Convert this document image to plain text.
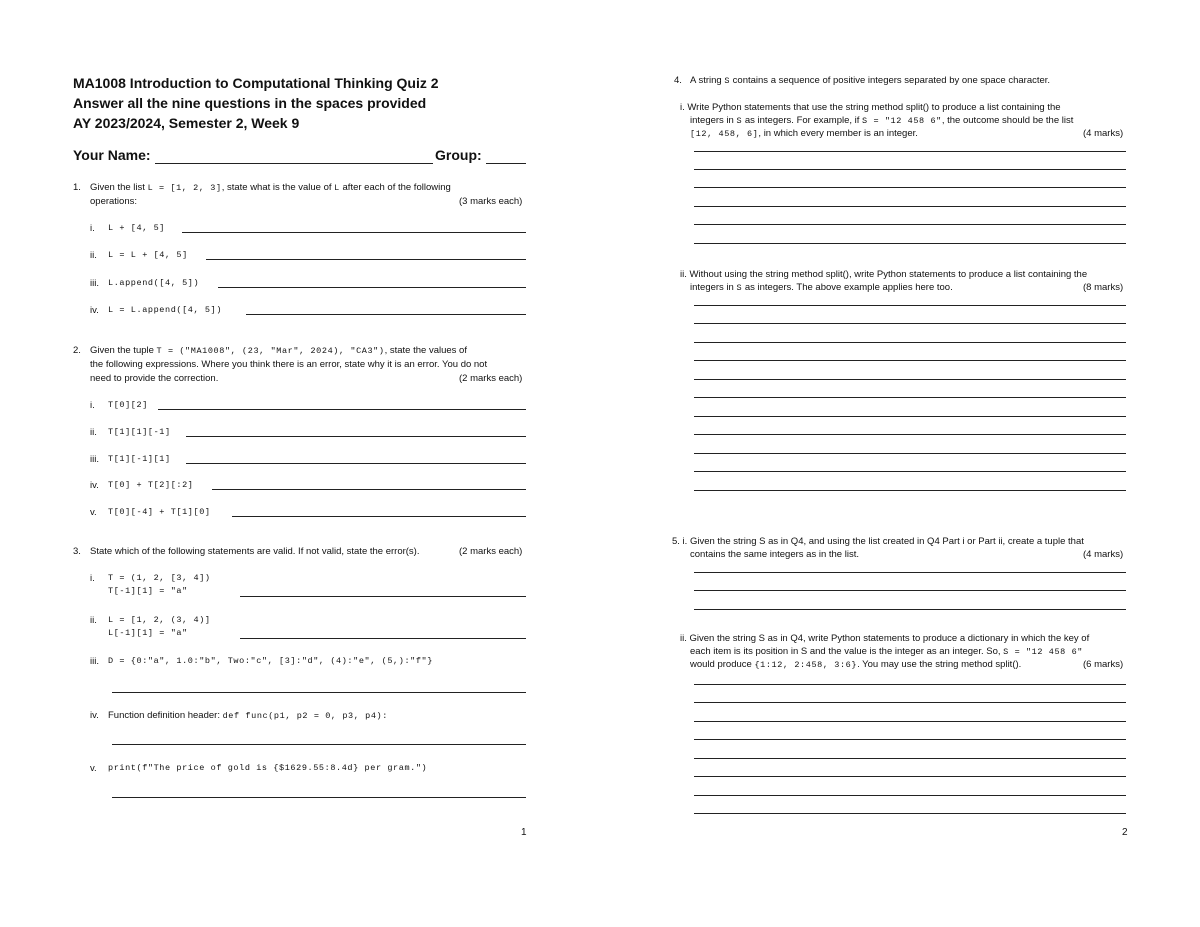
MA1008 Introduction to Computational Thinking Quiz 2
Answer all the nine questions in the spaces provided
AY 2023/2024, Semester 2, Week 9
Your Name:	Group:
1. Given the list L = [1, 2, 3], state what is the value of L after each of the following
operations:	(3 marks each)
i. L + [4, 5]
ii. L = L + [4, 5]
iii. L.append([4, 5])
iv. L = L.append([4, 5])
2. Given the tuple T = ("MA1008", (23, "Mar", 2024), "CA3"), state the values of
the following expressions. Where you think there is an error, state why it is an error. You do not
need to provide the correction.	(2 marks each)
i. T[0][2]
ii. T[1][1][-1]
iii. T[1][-1][1]
iv. T[0] + T[2][:2]
v. T[0][-4] + T[1][0]
3. State which of the following statements are valid. If not valid, state the error(s).	(2 marks each)
i. T = (1, 2, [3, 4])
T[-1][1] = "a"
ii. L = [1, 2, (3, 4)]
L[-1][1] = "a"
iii. D = {0:"a", 1.0:"b", Two:"c", [3]:"d", (4):"e", (5,):"f"}
iv. Function definition header: def func(p1, p2 = 0, p3, p4):
v. print(f"The price of gold is {$1629.55:8.4d} per gram.")
1
4. A string S contains a sequence of positive integers separated by one space character.
i. Write Python statements that use the string method split() to produce a list containing the
integers in S as integers. For example, if S = "12 458 6", the outcome should be the list
[12, 458, 6], in which every member is an integer.	(4 marks)
ii. Without using the string method split(), write Python statements to produce a list containing the
integers in S as integers. The above example applies here too.	(8 marks)
5. i. Given the string S as in Q4, and using the list created in Q4 Part i or Part ii, create a tuple that
contains the same integers as in the list.	(4 marks)
ii. Given the string S as in Q4, write Python statements to produce a dictionary in which the key of
each item is its position in S and the value is the integer as an integer. So, S = "12 458 6"
would produce {1:12, 2:458, 3:6}. You may use the string method split().	(6 marks)
2
